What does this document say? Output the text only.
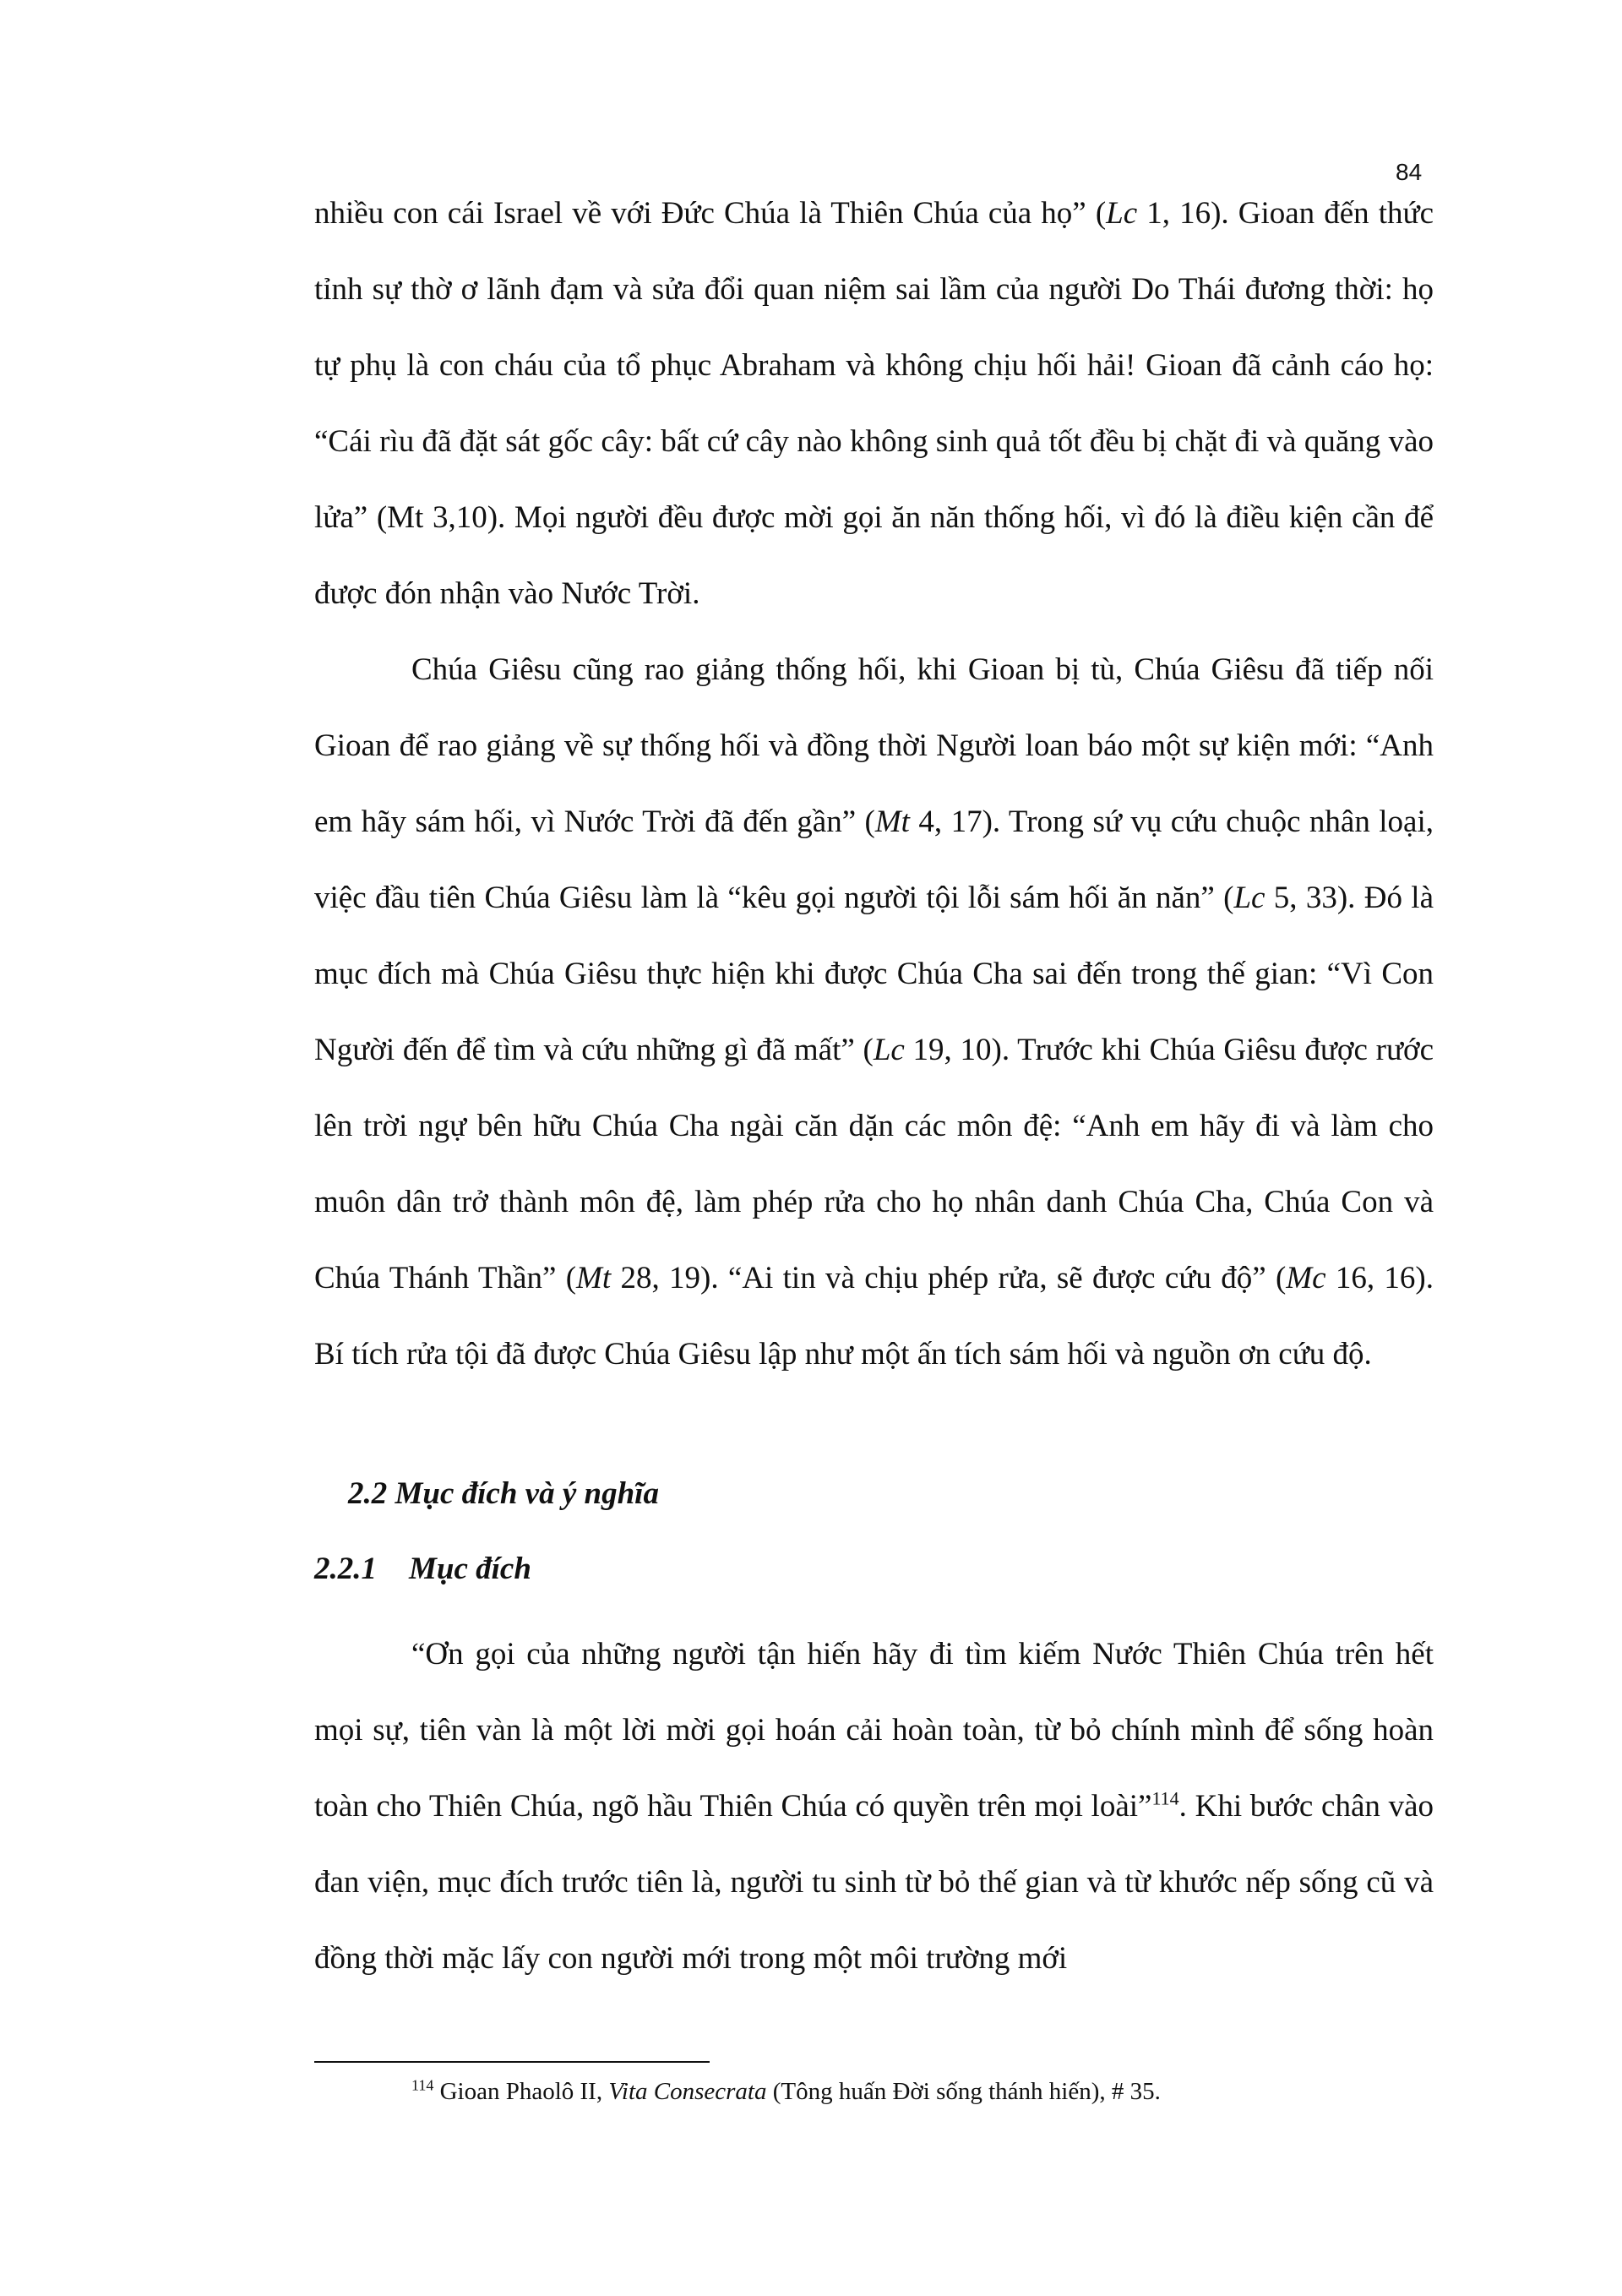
84

nhiều con cái Israel về với Đức Chúa là Thiên Chúa của họ” (Lc 1, 16). Gioan đến thức tỉnh sự thờ ơ lãnh đạm và sửa đổi quan niệm sai lầm của người Do Thái đương thời: họ tự phụ là con cháu của tổ phục Abraham và không chịu hối hải! Gioan đã cảnh cáo họ: “Cái rìu đã đặt sát gốc cây: bất cứ cây nào không sinh quả tốt đều bị chặt đi và quăng vào lửa” (Mt 3,10). Mọi người đều được mời gọi ăn năn thống hối, vì đó là điều kiện cần để được đón nhận vào Nước Trời.

Chúa Giêsu cũng rao giảng thống hối, khi Gioan bị tù, Chúa Giêsu đã tiếp nối Gioan để rao giảng về sự thống hối và đồng thời Người loan báo một sự kiện mới: “Anh em hãy sám hối, vì Nước Trời đã đến gần” (Mt 4, 17). Trong sứ vụ cứu chuộc nhân loại, việc đầu tiên Chúa Giêsu làm là “kêu gọi người tội lỗi sám hối ăn năn” (Lc 5, 33). Đó là mục đích mà Chúa Giêsu thực hiện khi được Chúa Cha sai đến trong thế gian: “Vì Con Người đến để tìm và cứu những gì đã mất” (Lc 19, 10). Trước khi Chúa Giêsu được rước lên trời ngự bên hữu Chúa Cha ngài căn dặn các môn đệ: “Anh em hãy đi và làm cho muôn dân trở thành môn đệ, làm phép rửa cho họ nhân danh Chúa Cha, Chúa Con và Chúa Thánh Thần” (Mt 28, 19). “Ai tin và chịu phép rửa, sẽ được cứu độ” (Mc 16, 16). Bí tích rửa tội đã được Chúa Giêsu lập như một ấn tích sám hối và nguồn ơn cứu độ.

2.2 Mục đích và ý nghĩa
2.2.1 Mục đích

“Ơn gọi của những người tận hiến hãy đi tìm kiếm Nước Thiên Chúa trên hết mọi sự, tiên vàn là một lời mời gọi hoán cải hoàn toàn, từ bỏ chính mình để sống hoàn toàn cho Thiên Chúa, ngõ hầu Thiên Chúa có quyền trên mọi loài”$^{114}$. Khi bước chân vào đan viện, mục đích trước tiên là, người tu sinh từ bỏ thế gian và từ khước nếp sống cũ và đồng thời mặc lấy con người mới trong một môi trường mới

$^{114}$ Gioan Phaolô II, Vita Consecrata (Tông huấn Đời sống thánh hiến), # 35.
